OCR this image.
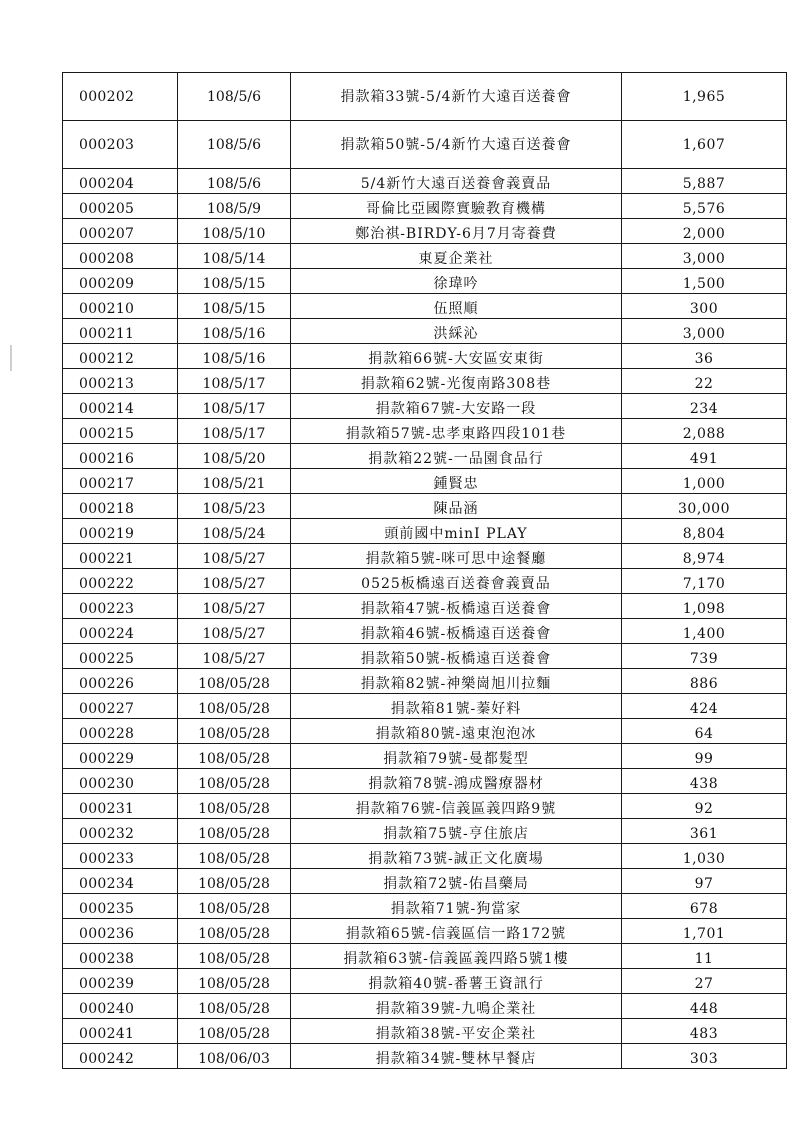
000202	108/5/6	捐款箱33號-5/4新竹大遠百送養會	1,965
000203	108/5/6	捐款箱50號-5/4新竹大遠百送養會	1,607
000204	108/5/6	5/4新竹大遠百送養會義賣品	5,887
000205	108/5/9	哥倫比亞國際實驗教育機構	5,576
000207	108/5/10	鄭治祺-BIRDY-6月7月寄養費	2,000
000208	108/5/14	東夏企業社	3,000
000209	108/5/15	徐瑋吟	1,500
000210	108/5/15	伍照順	300
000211	108/5/16	洪綵沁	3,000
000212	108/5/16	捐款箱66號-大安區安東街	36
000213	108/5/17	捐款箱62號-光復南路308巷	22
000214	108/5/17	捐款箱67號-大安路一段	234
000215	108/5/17	捐款箱57號-忠孝東路四段101巷	2,088
000216	108/5/20	捐款箱22號-一品園食品行	491
000217	108/5/21	鍾賢忠	1,000
000218	108/5/23	陳品涵	30,000
000219	108/5/24	頭前國中minI PLAY	8,804
000221	108/5/27	捐款箱5號-咪可思中途餐廳	8,974
000222	108/5/27	0525板橋遠百送養會義賣品	7,170
000223	108/5/27	捐款箱47號-板橋遠百送養會	1,098
000224	108/5/27	捐款箱46號-板橋遠百送養會	1,400
000225	108/5/27	捐款箱50號-板橋遠百送養會	739
000226	108/05/28	捐款箱82號-神樂崗旭川拉麵	886
000227	108/05/28	捐款箱81號-蓁好料	424
000228	108/05/28	捐款箱80號-遠東泡泡冰	64
000229	108/05/28	捐款箱79號-曼都髮型	99
000230	108/05/28	捐款箱78號-鴻成醫療器材	438
000231	108/05/28	捐款箱76號-信義區義四路9號	92
000232	108/05/28	捐款箱75號-亨住旅店	361
000233	108/05/28	捐款箱73號-誠正文化廣場	1,030
000234	108/05/28	捐款箱72號-佑昌藥局	97
000235	108/05/28	捐款箱71號-狗當家	678
000236	108/05/28	捐款箱65號-信義區信一路172號	1,701
000238	108/05/28	捐款箱63號-信義區義四路5號1樓	11
000239	108/05/28	捐款箱40號-番薯王資訊行	27
000240	108/05/28	捐款箱39號-九鳴企業社	448
000241	108/05/28	捐款箱38號-平安企業社	483
000242	108/06/03	捐款箱34號-雙林早餐店	303
